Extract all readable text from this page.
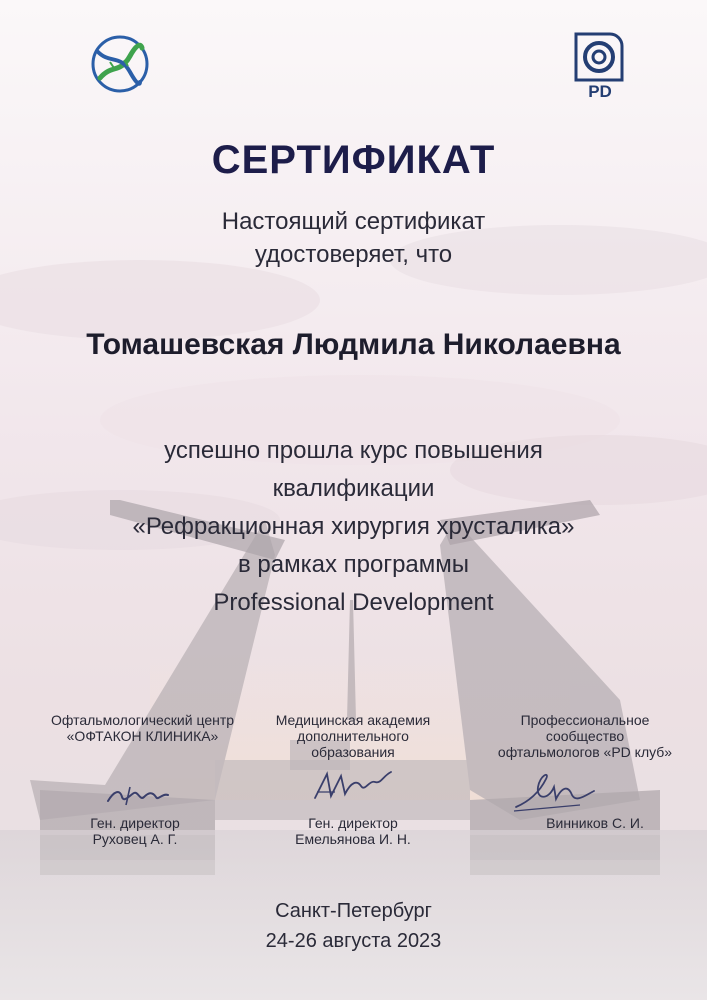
PD
СЕРТИФИКАТ
Настоящий сертификат
удостоверяет, что
Томашевская Людмила Николаевна
успешно прошла курс повышения
квалификации
«Рефракционная хирургия хрусталика»
в рамках программы
Professional Development
Офтальмологический центр
«ОФТАКОН КЛИНИКА»
Медицинская академия
дополнительного
образования
Профессиональное
сообщество
офтальмологов «PD клуб»
Ген. директор
Руховец А. Г.
Ген. директор
Емельянова И. Н.
Винников С. И.
Санкт-Петербург
24-26 августа 2023
